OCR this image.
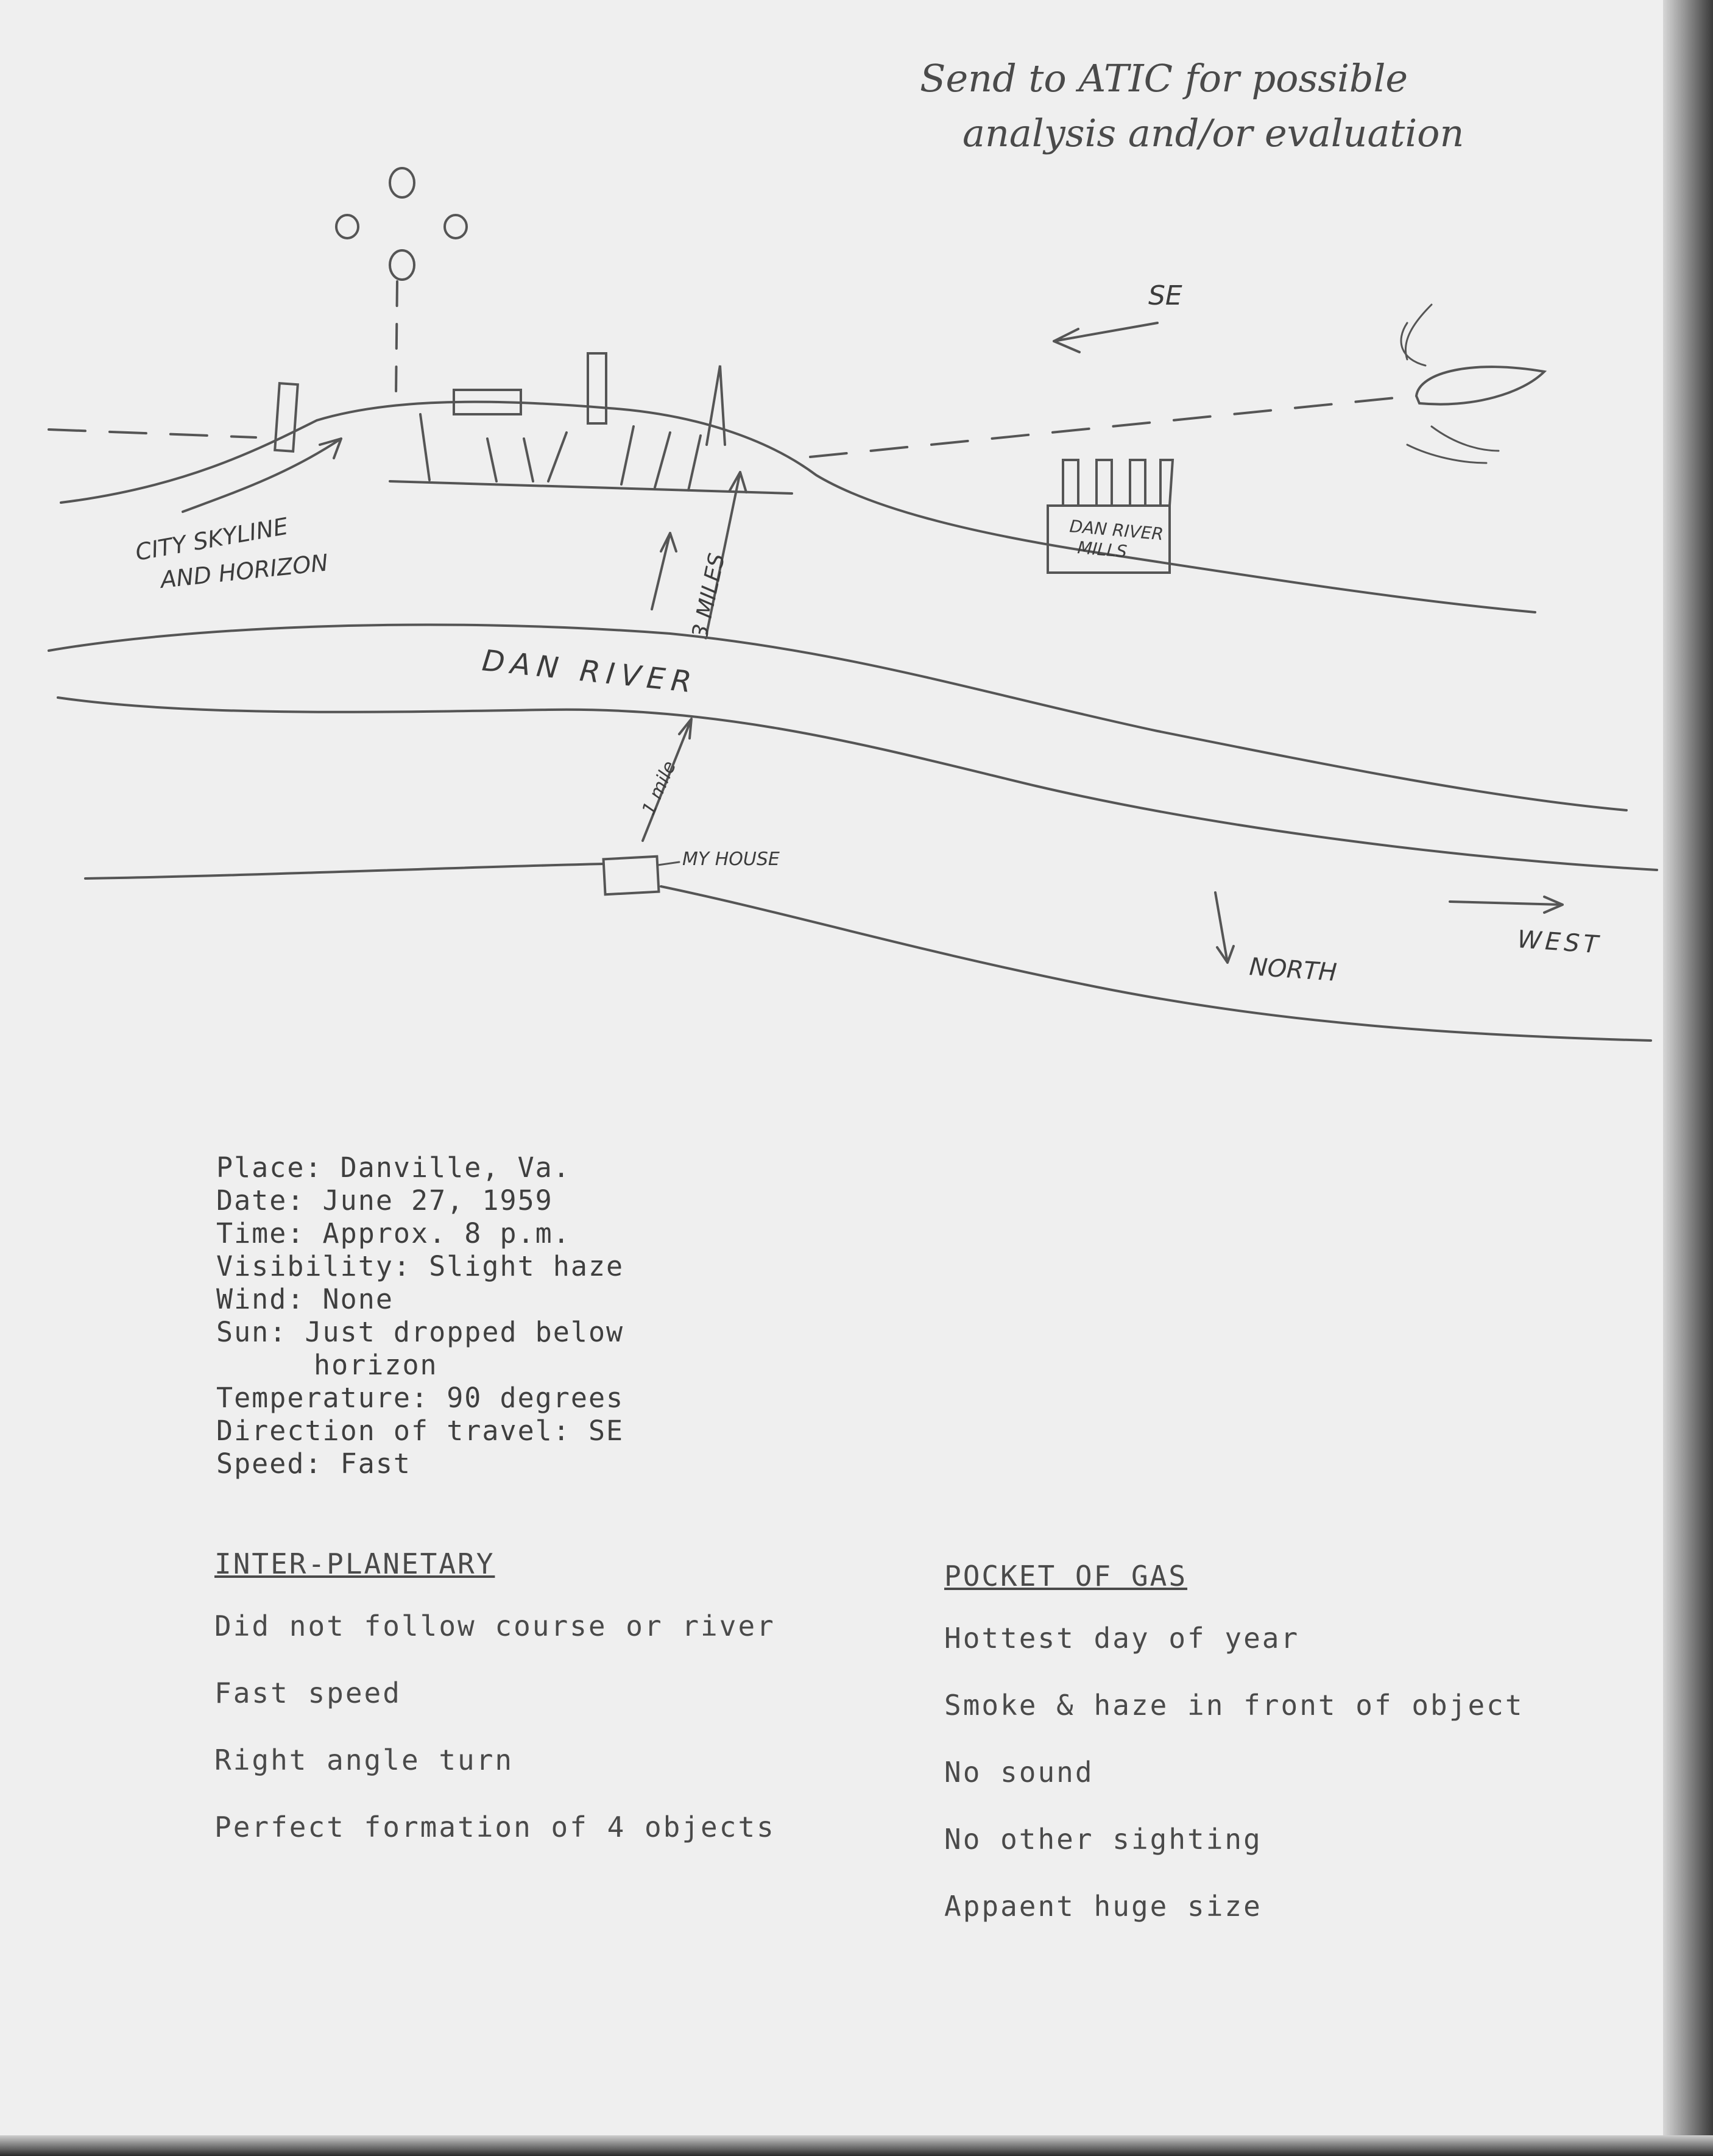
Send to ATIC for possible
analysis and/or evaluation
SE
CITY SKYLINE
AND HORIZON
DAN RIVER
MILLS
3 MILES
DAN RIVER
1 mile
MY HOUSE
NORTH
WEST
Place: Danville, Va.
Date: June 27, 1959
Time: Approx. 8 p.m.
Visibility: Slight haze
Wind: None
Sun: Just dropped below
horizon
Temperature: 90 degrees
Direction of travel: SE
Speed: Fast
INTER-PLANETARY
Did not follow course or river
Fast speed
Right angle turn
Perfect formation of 4 objects
POCKET OF GAS
Hottest day of year
Smoke & haze in front of object
No sound
No other sighting
Appaent huge size
